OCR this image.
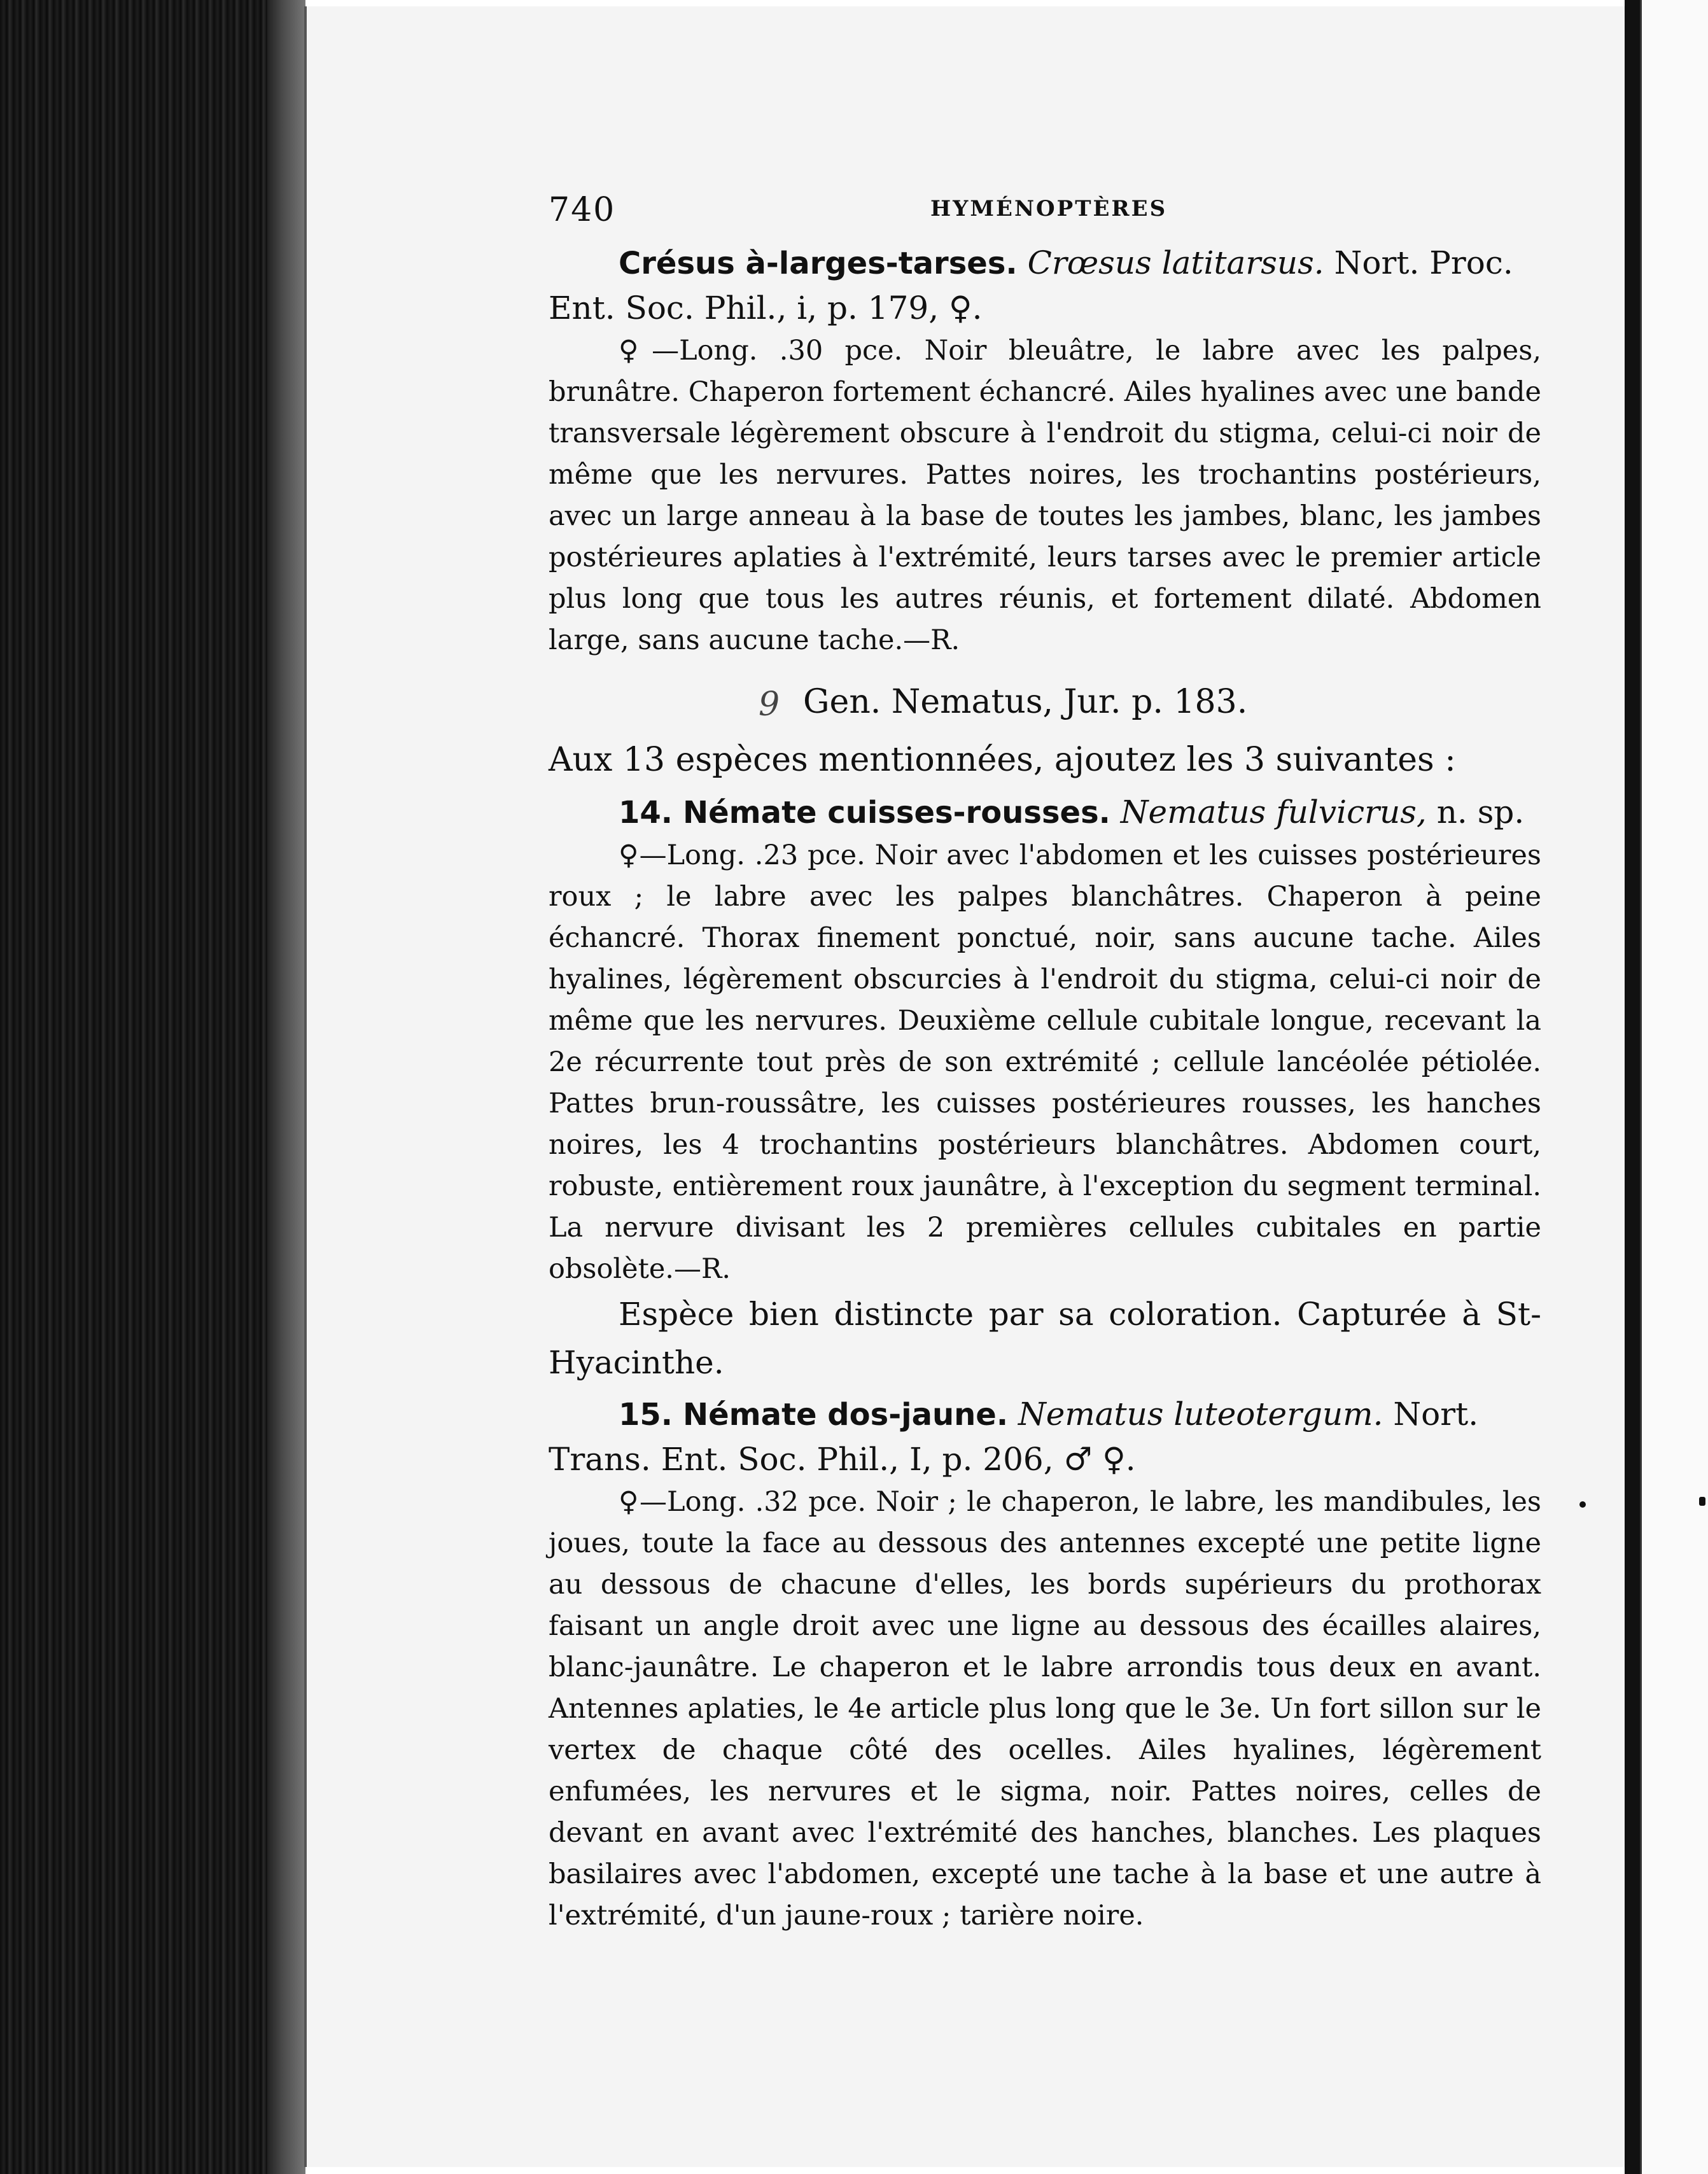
740	HYMÉNOPTÈRES
Crésus à-larges-tarses. Crœsus latitarsus. Nort. Proc. Ent. Soc. Phil., i, p. 179, ♀.

♀—Long. .30 pce. Noir bleuâtre, le labre avec les palpes, brunâtre. Chaperon fortement échancré. Ailes hyalines avec une bande transversale légèrement obscure à l'endroit du stigma, celui-ci noir de même que les nervures. Pattes noires, les trochantins postérieurs, avec un large anneau à la base de toutes les jambes, blanc, les jambes postérieures aplaties à l'extrémité, leurs tarses avec le premier article plus long que tous les autres réunis, et fortement dilaté. Abdomen large, sans aucune tache.—R.

9 Gen. Nematus, Jur. p. 183.
Aux 13 espèces mentionnées, ajoutez les 3 suivantes :
14. Némate cuisses-rousses. Nematus fulvicrus, n. sp.

♀—Long. .23 pce. Noir avec l'abdomen et les cuisses postérieures roux ; le labre avec les palpes blanchâtres. Chaperon à peine échancré. Thorax finement ponctué, noir, sans aucune tache. Ailes hyalines, légèrement obscurcies à l'endroit du stigma, celui-ci noir de même que les nervures. Deuxième cellule cubitale longue, recevant la 2e récurrente tout près de son extrémité ; cellule lancéolée pétiolée. Pattes brun-roussâtre, les cuisses postérieures rousses, les hanches noires, les 4 trochantins postérieurs blanchâtres. Abdomen court, robuste, entièrement roux jaunâtre, à l'exception du segment terminal. La nervure divisant les 2 premières cellules cubitales en partie obsolète.—R.

Espèce bien distincte par sa coloration. Capturée à St-Hyacinthe.

15. Némate dos-jaune. Nematus luteotergum. Nort. Trans. Ent. Soc. Phil., I, p. 206, ♂ ♀.

♀—Long. .32 pce. Noir ; le chaperon, le labre, les mandibules, les joues, toute la face au dessous des antennes excepté une petite ligne au dessous de chacune d'elles, les bords supérieurs du prothorax faisant un angle droit avec une ligne au dessous des écailles alaires, blanc-jaunâtre. Le chaperon et le labre arrondis tous deux en avant. Antennes aplaties, le 4e article plus long que le 3e. Un fort sillon sur le vertex de chaque côté des ocelles. Ailes hyalines, légèrement enfumées, les nervures et le sigma, noir. Pattes noires, celles de devant en avant avec l'extrémité des hanches, blanches. Les plaques basilaires avec l'abdomen, excepté une tache à la base et une autre à l'extrémité, d'un jaune-roux ; tarière noire.
